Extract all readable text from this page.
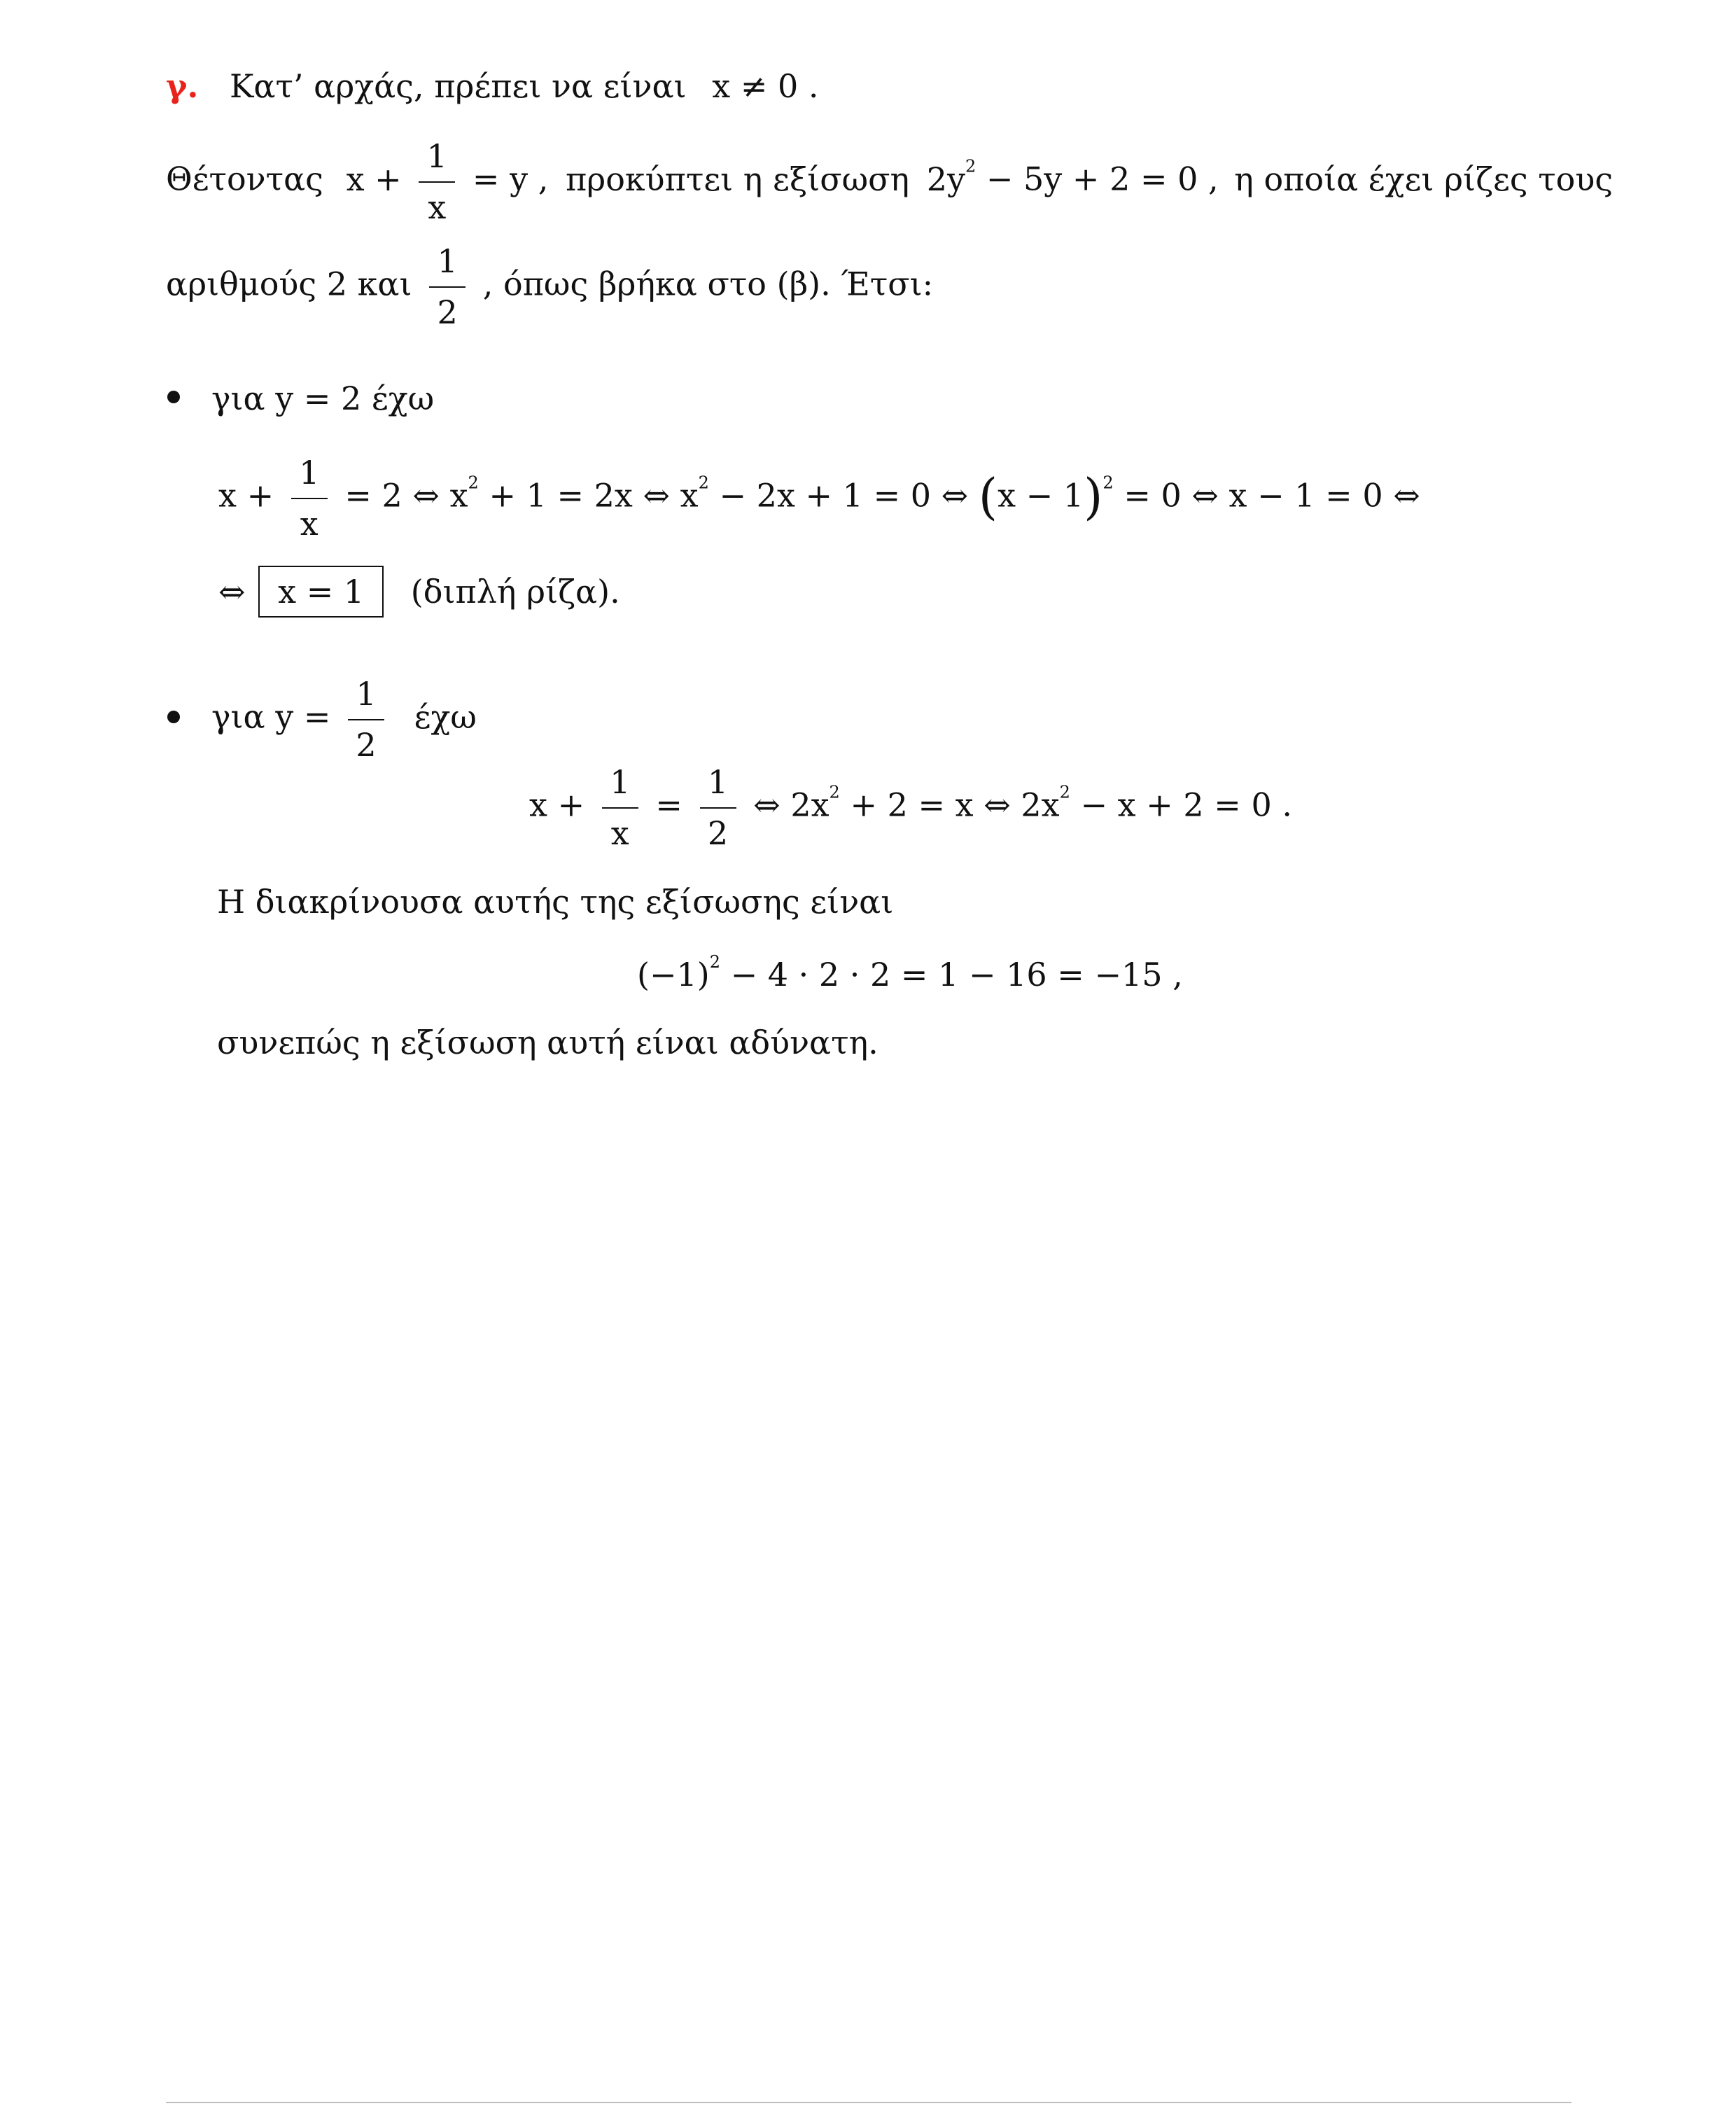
γ. Κατ’ αρχάς, πρέπει να είναι x ≠ 0 .
Θέτοντας $x + \frac{1}{x} = y$ , προκύπτει η εξίσωση $2y^2 - 5y + 2 = 0$ , η οποία έχει ρίζες τους
αριθμούς 2 και $\frac{1}{2}$ , όπως βρήκα στο (β). Έτσι:
για y = 2 έχω
$x + \frac{1}{x} = 2$ ⇔ $x^2 + 1 = 2x$ ⇔ $x^2 - 2x + 1 = 0$ ⇔ $(x - 1)^2 = 0$ ⇔ x − 1 = 0 ⇔
⇔ x = 1 (διπλή ρίζα).
για $y = \frac{1}{2}$ έχω
$x + \frac{1}{x} = \frac{1}{2}$ ⇔ $2x^2 + 2 = x$ ⇔ $2x^2 - x + 2 = 0$ .
Η διακρίνουσα αυτής της εξίσωσης είναι
$(-1)^2 - 4 \cdot 2 \cdot 2 = 1 - 16 = -15$ ,
συνεπώς η εξίσωση αυτή είναι αδύνατη.
